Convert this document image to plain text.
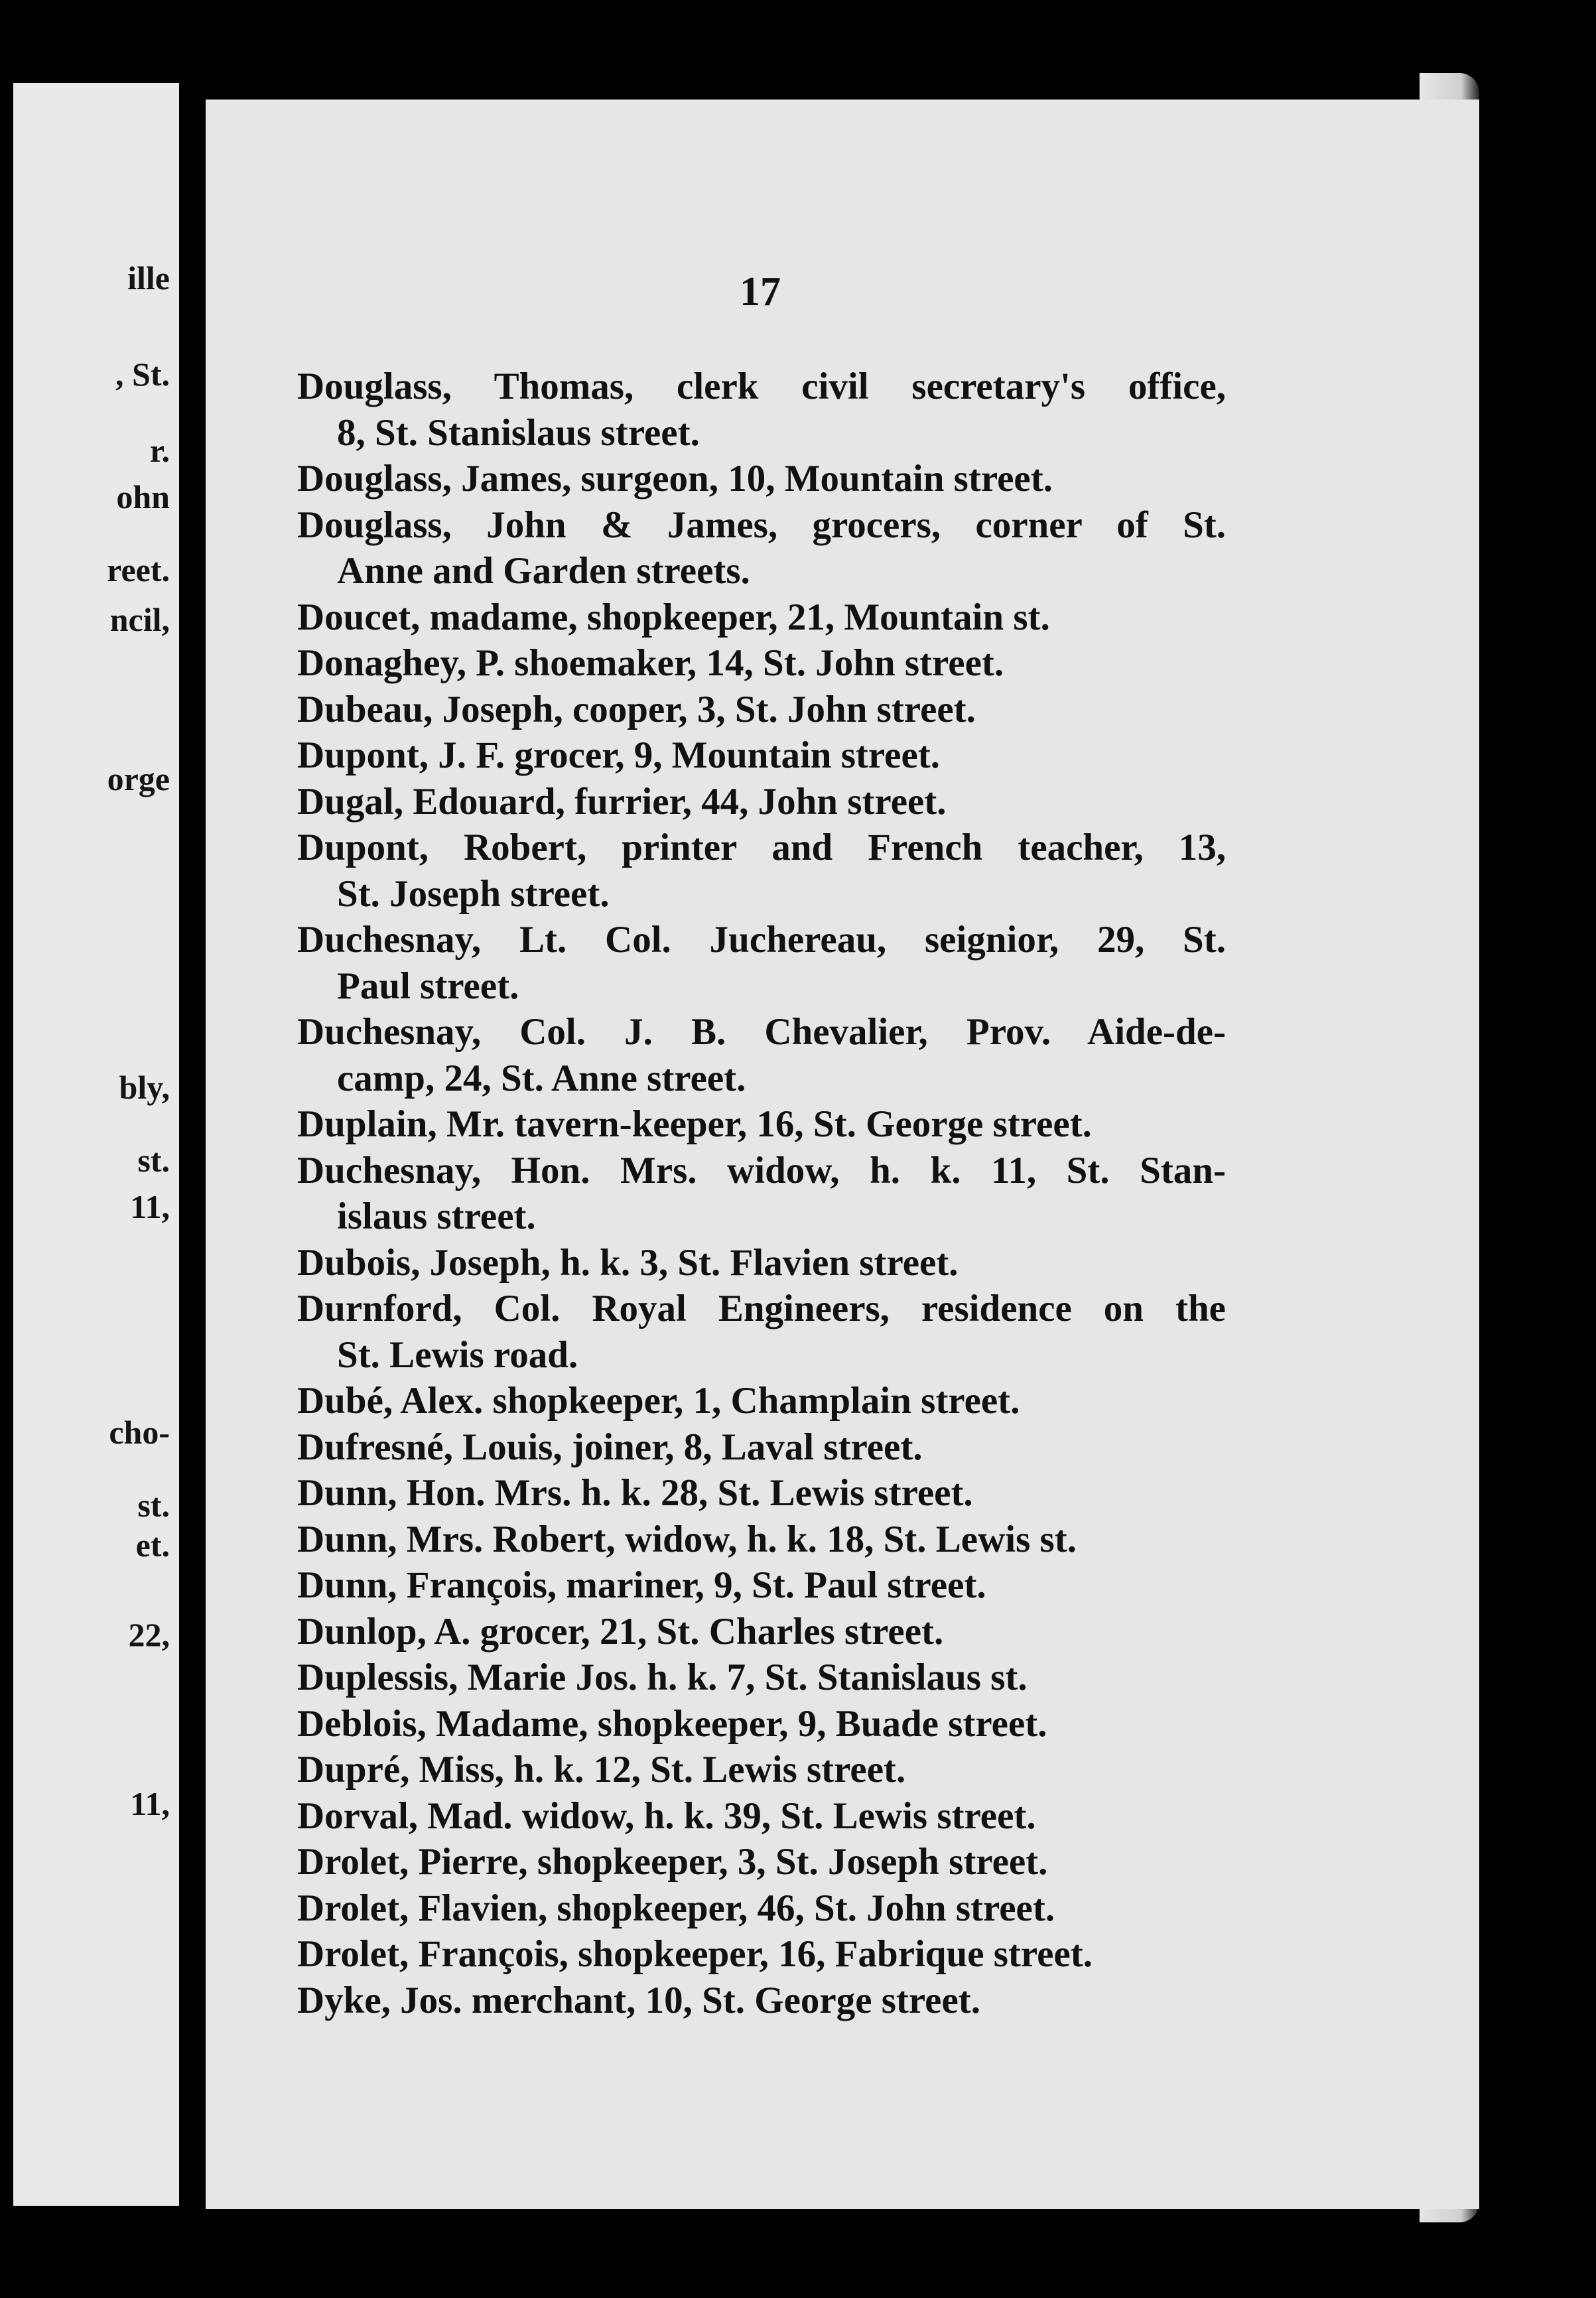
ille
, St.
r.
ohn
reet.
ncil,
orge
bly,
st.
11,
cho-
st.
et.
22,
11,
17
Douglass, Thomas, clerk civil secretary's office,
8, St. Stanislaus street.
Douglass, James, surgeon, 10, Mountain street.
Douglass, John & James, grocers, corner of St.
Anne and Garden streets.
Doucet, madame, shopkeeper, 21, Mountain st.
Donaghey, P. shoemaker, 14, St. John street.
Dubeau, Joseph, cooper, 3, St. John street.
Dupont, J. F. grocer, 9, Mountain street.
Dugal, Edouard, furrier, 44, John street.
Dupont, Robert, printer and French teacher, 13,
St. Joseph street.
Duchesnay, Lt. Col. Juchereau, seignior, 29, St.
Paul street.
Duchesnay, Col. J. B. Chevalier, Prov. Aide-de-
camp, 24, St. Anne street.
Duplain, Mr. tavern-keeper, 16, St. George street.
Duchesnay, Hon. Mrs. widow, h. k. 11, St. Stan-
islaus street.
Dubois, Joseph, h. k. 3, St. Flavien street.
Durnford, Col. Royal Engineers, residence on the
St. Lewis road.
Dubé, Alex. shopkeeper, 1, Champlain street.
Dufresné, Louis, joiner, 8, Laval street.
Dunn, Hon. Mrs. h. k. 28, St. Lewis street.
Dunn, Mrs. Robert, widow, h. k. 18, St. Lewis st.
Dunn, François, mariner, 9, St. Paul street.
Dunlop, A. grocer, 21, St. Charles street.
Duplessis, Marie Jos. h. k. 7, St. Stanislaus st.
Deblois, Madame, shopkeeper, 9, Buade street.
Dupré, Miss, h. k. 12, St. Lewis street.
Dorval, Mad. widow, h. k. 39, St. Lewis street.
Drolet, Pierre, shopkeeper, 3, St. Joseph street.
Drolet, Flavien, shopkeeper, 46, St. John street.
Drolet, François, shopkeeper, 16, Fabrique street.
Dyke, Jos. merchant, 10, St. George street.
